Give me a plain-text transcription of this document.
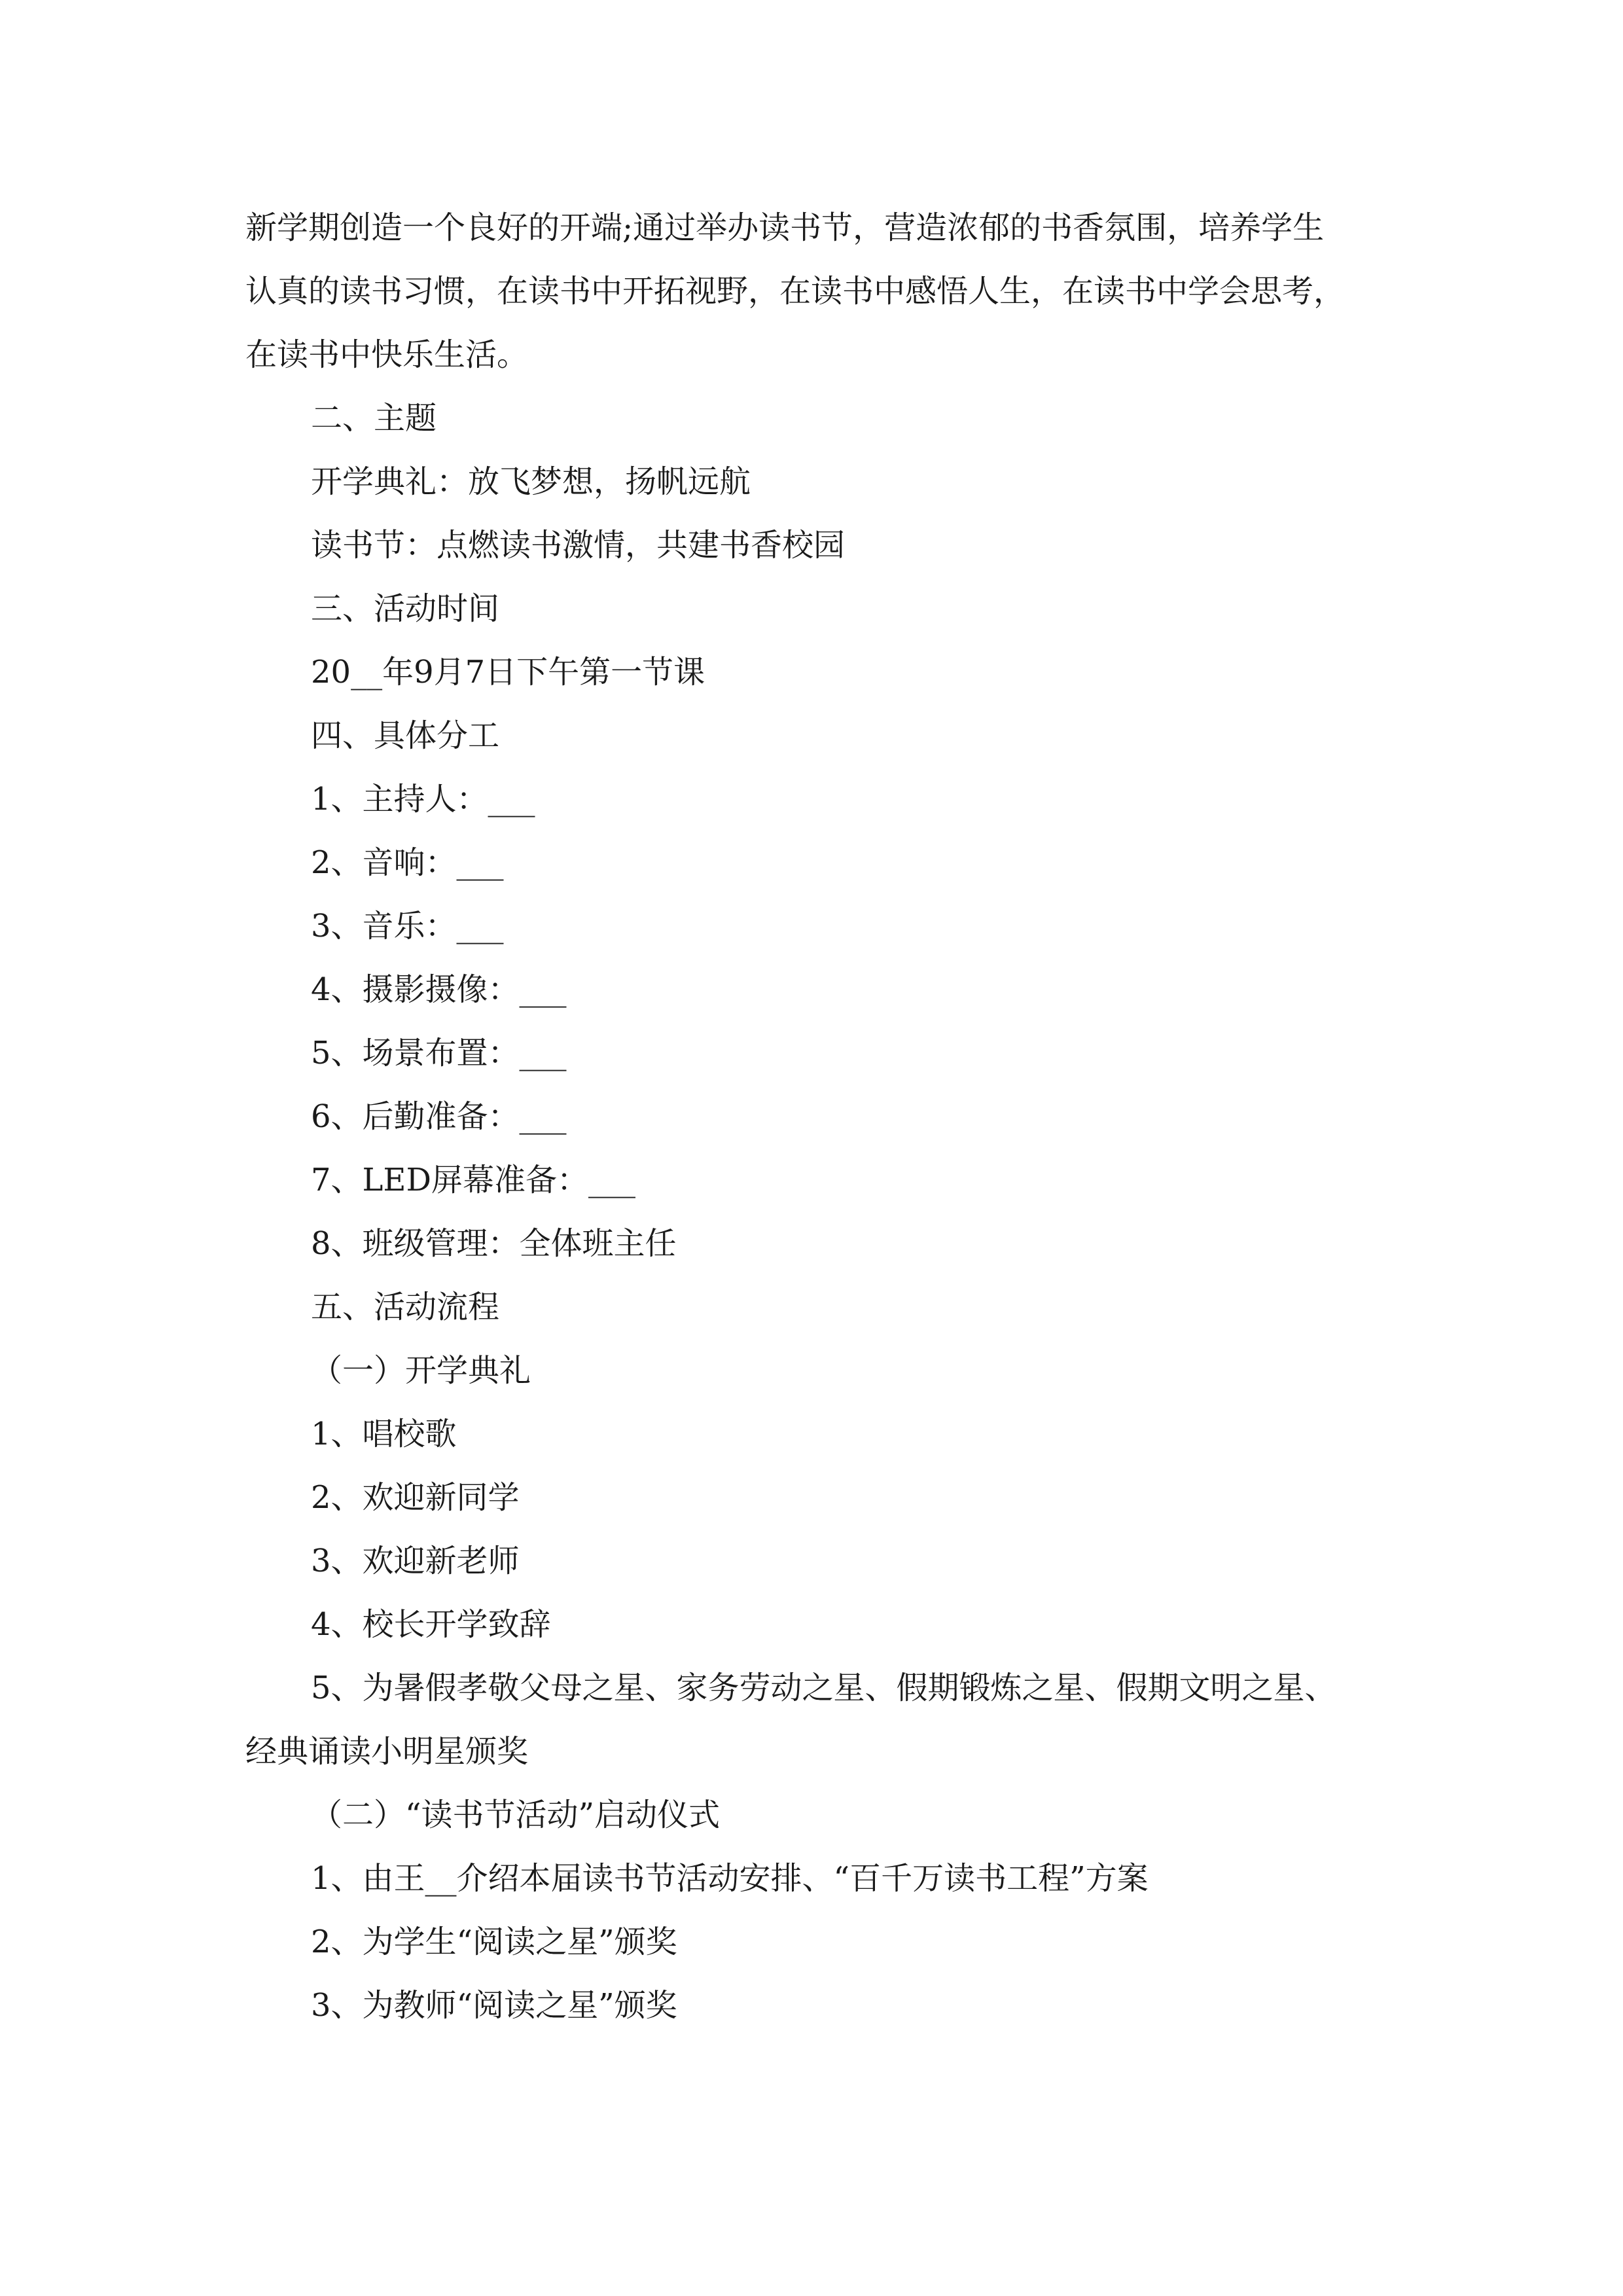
新学期创造一个良好的开端;通过举办读书节，营造浓郁的书香氛围，培养学生

认真的读书习惯，在读书中开拓视野，在读书中感悟人生，在读书中学会思考，

在读书中快乐生活。

二、主题

开学典礼：放飞梦想，扬帆远航

读书节：点燃读书激情，共建书香校园

三、活动时间

20__年9月7日下午第一节课

四、具体分工

1、主持人：___

2、音响：___

3、音乐：___

4、摄影摄像：___

5、场景布置：___

6、后勤准备：___

7、LED屏幕准备：___

8、班级管理：全体班主任

五、活动流程

（一）开学典礼

1、唱校歌

2、欢迎新同学

3、欢迎新老师

4、校长开学致辞

5、为暑假孝敬父母之星、家务劳动之星、假期锻炼之星、假期文明之星、

经典诵读小明星颁奖

（二）“读书节活动”启动仪式

1、由王__介绍本届读书节活动安排、“百千万读书工程”方案

2、为学生“阅读之星”颁奖

3、为教师“阅读之星”颁奖
